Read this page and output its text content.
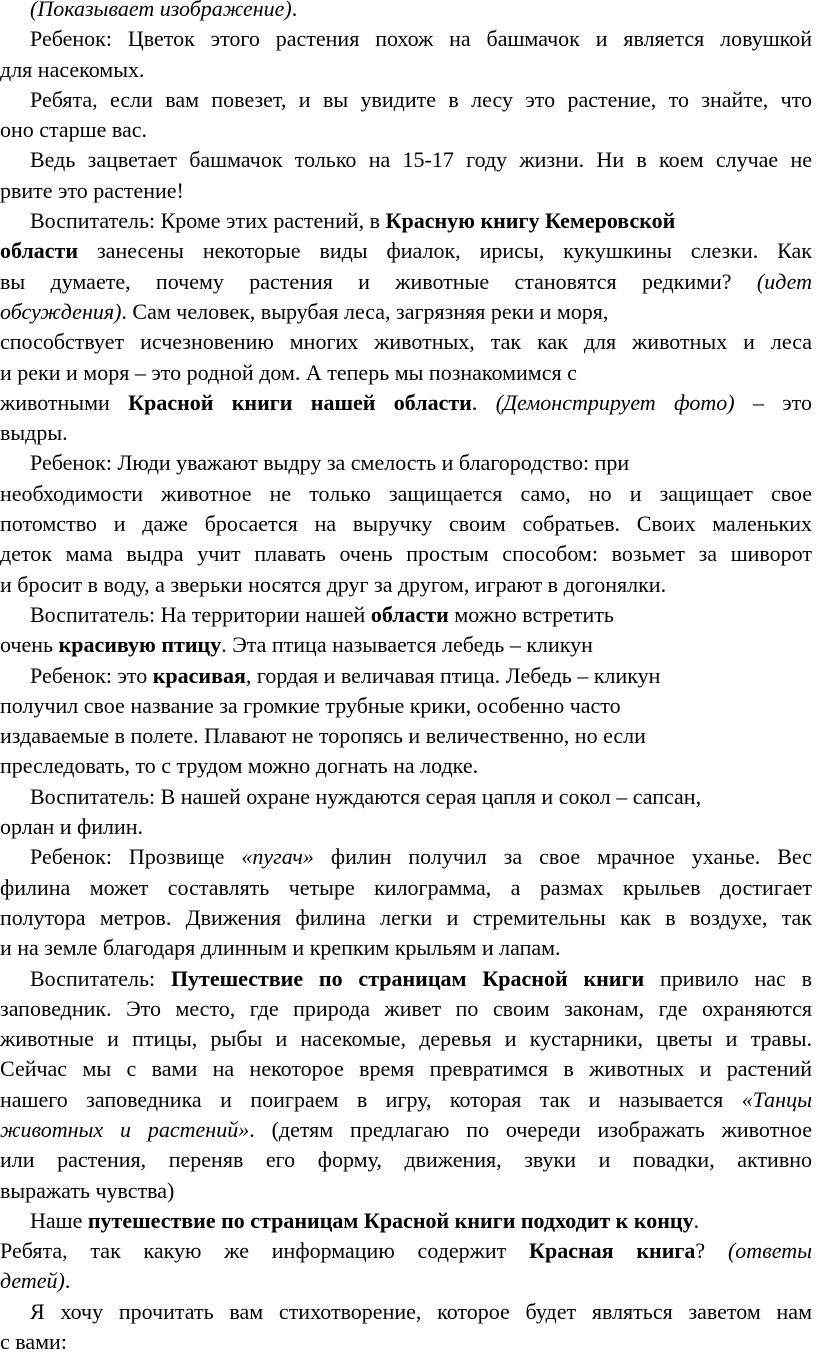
(Показывает изображение).
Ребенок: Цветок этого растения похож на башмачок и является ловушкой
для насекомых.
Ребята, если вам повезет, и вы увидите в лесу это растение, то знайте, что
оно старше вас.
Ведь зацветает башмачок только на 15-17 году жизни. Ни в коем случае не
рвите это растение!
Воспитатель: Кроме этих растений, в Красную книгу Кемеровской
области занесены некоторые виды фиалок, ирисы, кукушкины слезки. Как
вы думаете, почему растения и животные становятся редкими? (идет
обсуждения). Сам человек, вырубая леса, загрязняя реки и моря,
способствует исчезновению многих животных, так как для животных и леса
и реки и моря – это родной дом. А теперь мы познакомимся с
животными Красной книги нашей области. (Демонстрирует фото) – это
выдры.
Ребенок: Люди уважают выдру за смелость и благородство: при
необходимости животное не только защищается само, но и защищает свое
потомство и даже бросается на выручку своим собратьев. Своих маленьких
деток мама выдра учит плавать очень простым способом: возьмет за шиворот
и бросит в воду, а зверьки носятся друг за другом, играют в догонялки.
Воспитатель: На территории нашей области можно встретить
очень красивую птицу. Эта птица называется лебедь – кликун
Ребенок: это красивая, гордая и величавая птица. Лебедь – кликун
получил свое название за громкие трубные крики, особенно часто
издаваемые в полете. Плавают не торопясь и величественно, но если
преследовать, то с трудом можно догнать на лодке.
Воспитатель: В нашей охране нуждаются серая цапля и сокол – сапсан,
орлан и филин.
Ребенок: Прозвище «пугач» филин получил за свое мрачное уханье. Вес
филина может составлять четыре килограмма, а размах крыльев достигает
полутора метров. Движения филина легки и стремительны как в воздухе, так
и на земле благодаря длинным и крепким крыльям и лапам.
Воспитатель: Путешествие по страницам Красной книги привило нас в
заповедник. Это место, где природа живет по своим законам, где охраняются
животные и птицы, рыбы и насекомые, деревья и кустарники, цветы и травы.
Сейчас мы с вами на некоторое время превратимся в животных и растений
нашего заповедника и поиграем в игру, которая так и называется «Танцы
животных и растений». (детям предлагаю по очереди изображать животное
или растения, переняв его форму, движения, звуки и повадки, активно
выражать чувства)
Наше путешествие по страницам Красной книги подходит к концу.
Ребята, так какую же информацию содержит Красная книга? (ответы
детей).
Я хочу прочитать вам стихотворение, которое будет являться заветом нам
с вами:
